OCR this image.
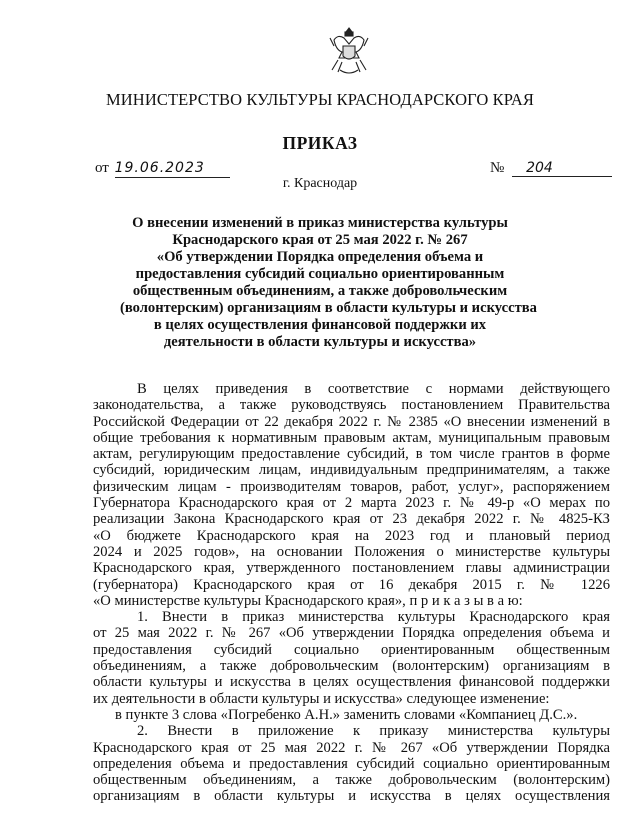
МИНИСТЕРСТВО КУЛЬТУРЫ КРАСНОДАРСКОГО КРАЯ
ПРИКАЗ
от 19.06.2023	№ 204
г. Краснодар
О внесении изменений в приказ министерства культуры
Краснодарского края от 25 мая 2022 г. № 267
«Об утверждении Порядка определения объема и
предоставления субсидий социально ориентированным
общественным объединениям, а также добровольческим
(волонтерским) организациям в области культуры и искусства
в целях осуществления финансовой поддержки их
деятельности в области культуры и искусства»
В целях приведения в соответствие с нормами действующего
законодательства, а также руководствуясь постановлением Правительства
Российской Федерации от 22 декабря 2022 г. № 2385 «О внесении изменений в
общие требования к нормативным правовым актам, муниципальным правовым
актам, регулирующим предоставление субсидий, в том числе грантов в форме
субсидий, юридическим лицам, индивидуальным предпринимателям, а также
физическим лицам - производителям товаров, работ, услуг», распоряжением
Губернатора Краснодарского края от 2 марта 2023 г. № 49-р «О мерах по
реализации Закона Краснодарского края от 23 декабря 2022 г. № 4825-КЗ
«О бюджете Краснодарского края на 2023 год и плановый период
2024 и 2025 годов», на основании Положения о министерстве культуры
Краснодарского края, утвержденного постановлением главы администрации
(губернатора) Краснодарского края от 16 декабря 2015 г. № 1226
«О министерстве культуры Краснодарского края», п р и к а з ы в а ю:
1. Внести в приказ министерства культуры Краснодарского края
от 25 мая 2022 г. № 267 «Об утверждении Порядка определения объема и
предоставления субсидий социально ориентированным общественным
объединениям, а также добровольческим (волонтерским) организациям в
области культуры и искусства в целях осуществления финансовой поддержки
их деятельности в области культуры и искусства» следующее изменение:
в пункте 3 слова «Погребенко А.Н.» заменить словами «Компаниец Д.С.».
2. Внести в приложение к приказу министерства культуры
Краснодарского края от 25 мая 2022 г. № 267 «Об утверждении Порядка
определения объема и предоставления субсидий социально ориентированным
общественным объединениям, а также добровольческим (волонтерским)
организациям в области культуры и искусства в целях осуществления
